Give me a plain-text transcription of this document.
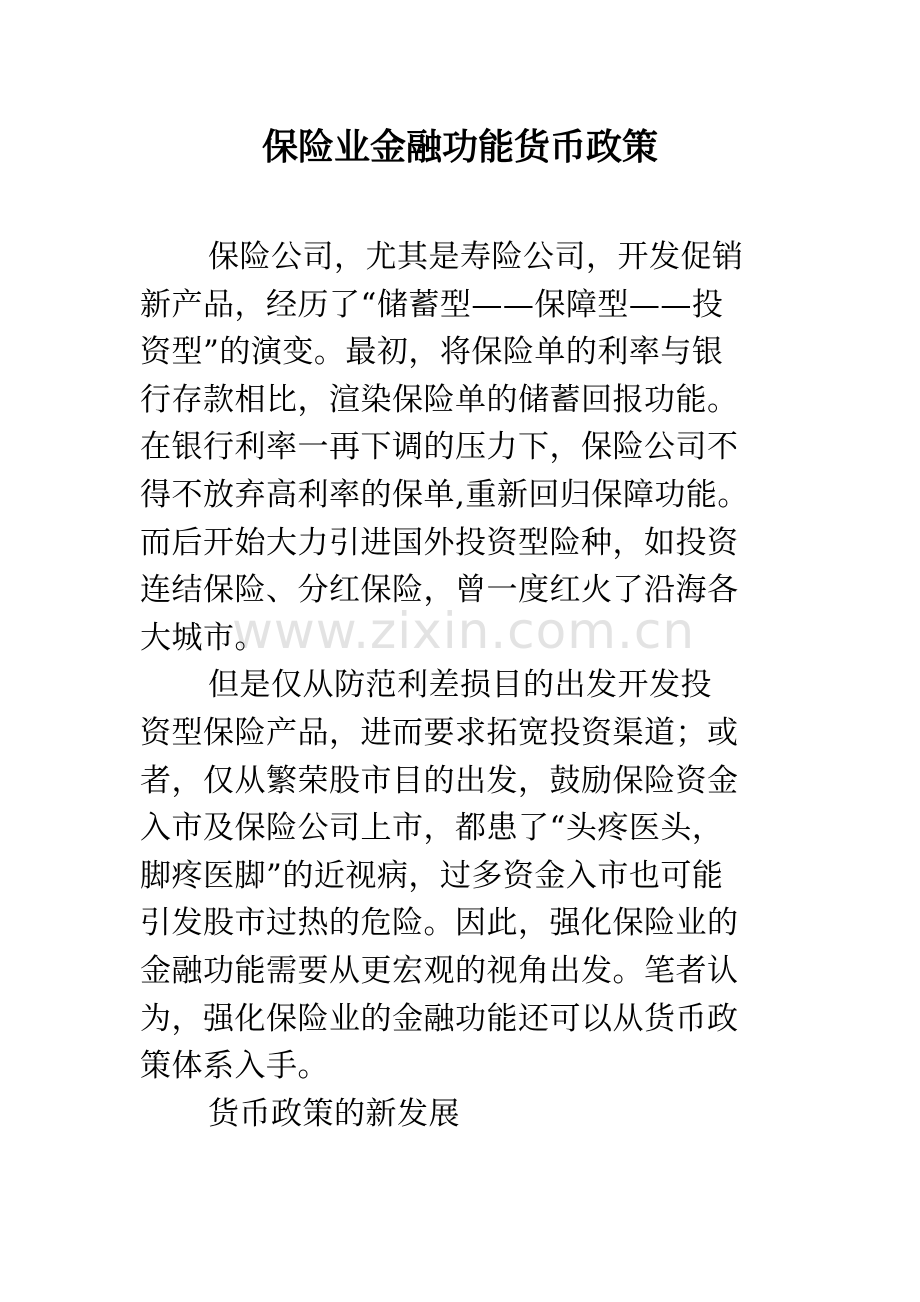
保险业金融功能货币政策
www.zixin.com.cn
保险公司，尤其是寿险公司，开发促销
新产品，经历了“储蓄型——保障型——投
资型”的演变。最初，将保险单的利率与银
行存款相比，渲染保险单的储蓄回报功能。
在银行利率一再下调的压力下，保险公司不
得不放弃高利率的保单,重新回归保障功能。
而后开始大力引进国外投资型险种，如投资
连结保险、分红保险，曾一度红火了沿海各
大城市。
但是仅从防范利差损目的出发开发投
资型保险产品，进而要求拓宽投资渠道；或
者，仅从繁荣股市目的出发，鼓励保险资金
入市及保险公司上市，都患了“头疼医头，
脚疼医脚”的近视病，过多资金入市也可能
引发股市过热的危险。因此，强化保险业的
金融功能需要从更宏观的视角出发。笔者认
为，强化保险业的金融功能还可以从货币政
策体系入手。
货币政策的新发展
